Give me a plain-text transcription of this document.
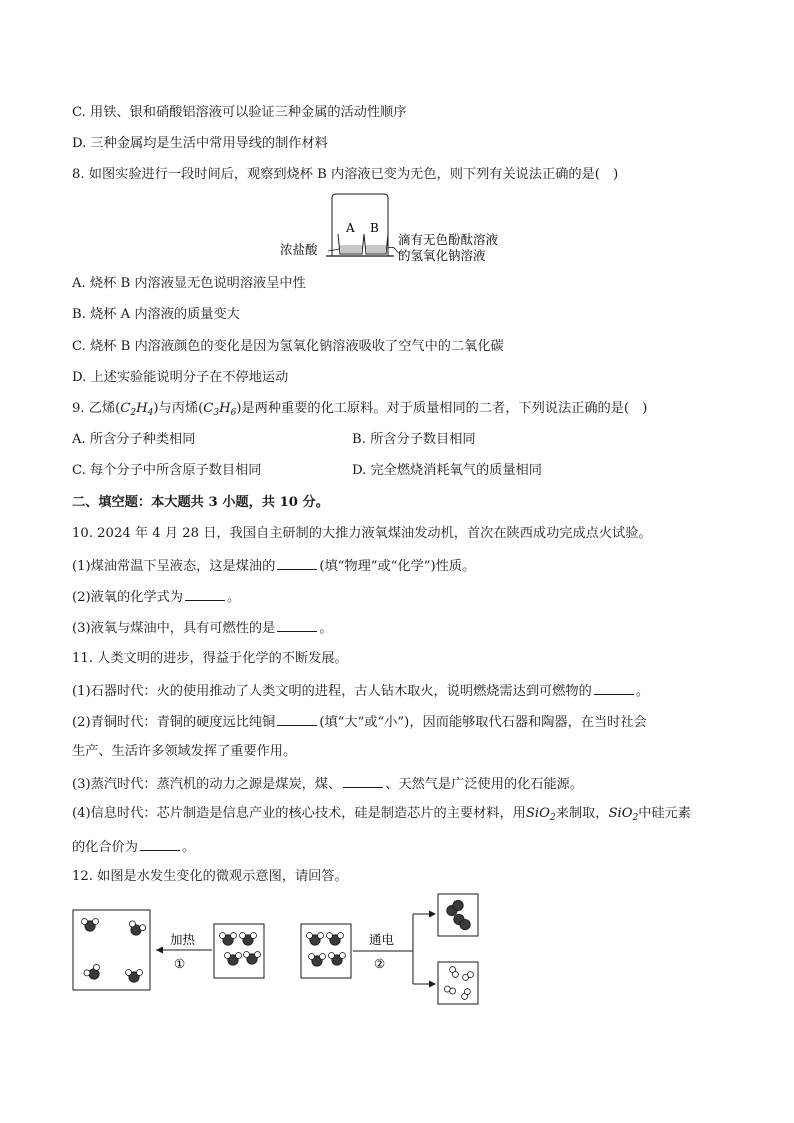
C. 用铁、银和硝酸铝溶液可以验证三种金属的活动性顺序
D. 三种金属均是生活中常用导线的制作材料
8. 如图实验进行一段时间后，观察到烧杯 B 内溶液已变为无色，则下列有关说法正确的是(　)
A B
浓盐酸
滴有无色酚酞溶液
的氢氧化钠溶液
A. 烧杯 B 内溶液显无色说明溶液呈中性
B. 烧杯 A 内溶液的质量变大
C. 烧杯 B 内溶液颜色的变化是因为氢氧化钠溶液吸收了空气中的二氧化碳
D. 上述实验能说明分子在不停地运动
9. 乙烯$(C_2H_4)$与丙烯$(C_3H_6)$是两种重要的化工原料。对于质量相同的二者，下列说法正确的是(　)
A. 所含分子种类相同	B. 所含分子数目相同
C. 每个分子中所含原子数目相同	D. 完全燃烧消耗氧气的质量相同
二、填空题：本大题共 3 小题，共 10 分。
10. 2024 年 4 月 28 日，我国自主研制的大推力液氧煤油发动机，首次在陕西成功完成点火试验。
(1)煤油常温下呈液态，这是煤油的	(填“物理”或“化学”)性质。
(2)液氧的化学式为	。
(3)液氧与煤油中，具有可燃性的是	。
11. 人类文明的进步，得益于化学的不断发展。
(1)石器时代：火的使用推动了人类文明的进程，古人钻木取火，说明燃烧需达到可燃物的	。
(2)青铜时代：青铜的硬度远比纯铜	(填“大”或“小”)，因而能够取代石器和陶器，在当时社会
生产、生活许多领域发挥了重要作用。
(3)蒸汽时代：蒸汽机的动力之源是煤炭，煤、	、天然气是广泛使用的化石能源。
(4)信息时代：芯片制造是信息产业的核心技术，硅是制造芯片的主要材料，用SiO$_2$来制取，SiO$_2$中硅元素
的化合价为	。
12. 如图是水发生变化的微观示意图，请回答。
加热
①
通电
②
